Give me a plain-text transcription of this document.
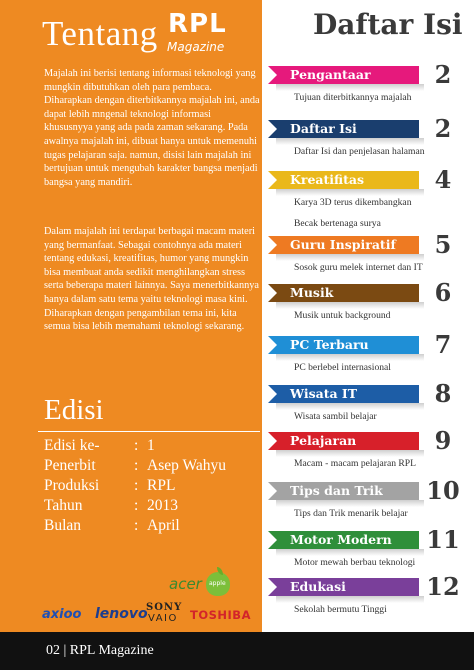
Tentang RPL
Magazine

Majalah ini berisi tentang informasi teknologi yang mungkin dibutuhkan oleh para pembaca. Diharapkan dengan diterbitkannya majalah ini, anda dapat lebih mngenal teknologi informasi khususnyya yang ada pada zaman sekarang. Pada awalnya majalah ini, dibuat hanya untuk memenuhi tugas pelajaran saja. namun, disisi lain majalah ini bertujuan untuk mengubah karakter bangsa menjadi bangsa yang mandiri.

Dalam majalah ini terdapat berbagai macam materi yang bermanfaat. Sebagai contohnya ada materi tentang edukasi, kreatifitas, humor yang mungkin bisa membuat anda sedikit menghilangkan stress serta beberapa materi lainnya. Saya menerbitkannya hanya dalam satu tema yaitu teknologi masa kini. Diharapkan dengan pengambilan tema ini, kita semua bisa lebih memahami teknologi sekarang.

Edisi
Edisi ke- : 1
Penerbit : Asep Wahyu
Produksi : RPL
Tahun	: 2013
Bulan	: April
acer apple
axioo lenovo
SONY
VAIO TOSHIBA
Daftar Isi
Pengantaar	2
Tujuan diterbitkannya majalah
Daftar Isi	2
Daftar Isi dan penjelasan halaman
Kreatifitas	4
Karya 3D terus dikembangkan
Becak bertenaga surya
Guru Inspiratif	5
Sosok guru melek internet dan IT
Musik	6
Musik untuk background
PC Terbaru	7
PC berlebel internasional
Wisata IT	8
Wisata sambil belajar
Pelajaran	9
Macam - macam pelajaran RPL
Tips dan Trik 10
Tips dan Trik menarik belajar
Motor Modern 11
Motor mewah berbau teknologi
Edukasi	12
Sekolah bermutu Tinggi
02 | RPL Magazine
